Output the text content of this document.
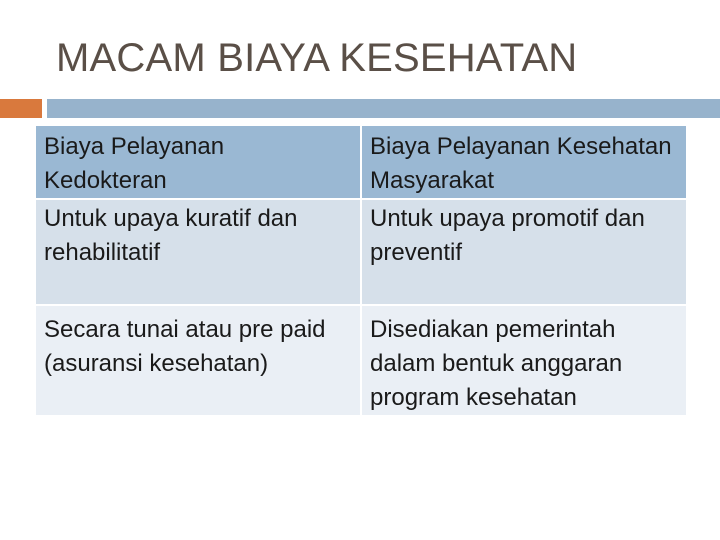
MACAM BIAYA KESEHATAN
Biaya Pelayanan Kedokteran	Biaya Pelayanan Kesehatan Masyarakat
Untuk upaya kuratif dan rehabilitatif	Untuk upaya promotif dan preventif
Secara tunai atau pre paid (asuransi kesehatan)	Disediakan pemerintah dalam bentuk anggaran program kesehatan
